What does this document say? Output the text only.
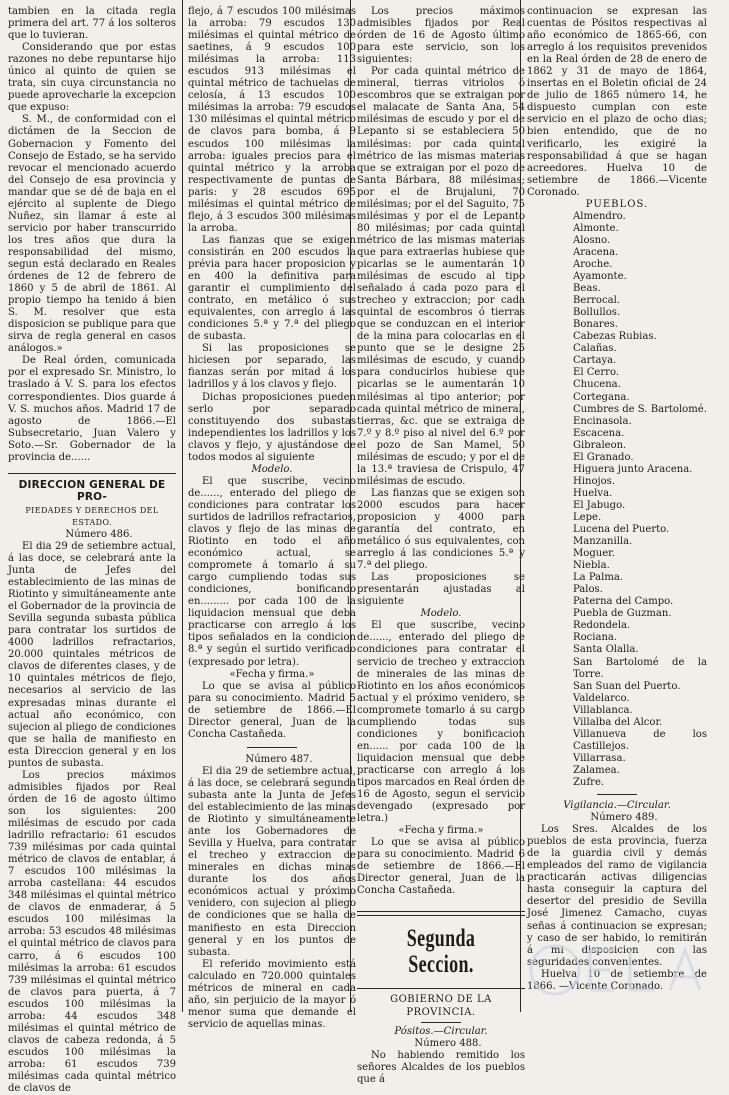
tambien en la citada regla primera del art. 77 á los solteros que lo tuvieran.

Considerando que por estas razones no debe repuntarse hijo único al quinto de quien se trata, sin cuya circunstancia no puede aprovecharle la excepcion que expuso:

S. M., de conformidad con el dictámen de la Seccion de Gobernacion y Fomento del Consejo de Estado, se ha servido revocar el mencionado acuerdo del Consejo de esa provincia y mandar que se dé de baja en el ejército al suplente de Diego Nuñez, sin llamar á este al servicio por haber transcurrido los tres años que dura la responsabilidad del mismo, segun está declarado en Reales órdenes de 12 de febrero de 1860 y 5 de abril de 1861. Al propio tiempo ha tenido á bien S. M. resolver que esta disposicion se publique para que sirva de regla general en casos análogos.»

De Real órden, comunicada por el expresado Sr. Ministro, lo traslado á V. S. para los efectos correspondientes. Dios guarde á V. S. muchos años. Madrid 17 de agosto de 1866.—El Subsecretario, Juan Valero y Soto.—Sr. Gobernador de la provincia de......

DIRECCION GENERAL DE PRO-
PIEDADES Y DERECHOS DEL ESTADO.

Número 486.

El dia 29 de setiembre actual, á las doce, se celebrará ante la Junta de Jefes del establecimiento de las minas de Riotinto y simultáneamente ante el Gobernador de la provincia de Sevilla segunda subasta pública para contratar los surtidos de 4000 ladrillos refractarios, 20.000 quintales métricos de clavos de diferentes clases, y de 10 quintales métricos de flejo, necesarios al servicio de las expresadas minas durante el actual año económico, con sujecion al pliego de condiciones que se halla de manifiesto en esta Direccion general y en los puntos de subasta.

Los precios máximos admisibles fijados por Real órden de 16 de agosto último son los siguientes: 200 milésimas de escudo por cada ladrillo refractario: 61 escudos 739 milésimas por cada quintal métrico de clavos de entablar, á 7 escudos 100 milésimas la arroba castellana: 44 escudos 348 milésimas el quintal métrico de clavos de enmaderar, á 5 escudos 100 milésimas la arroba: 53 escudos 48 milésimas el quintal métrico de clavos para carro, á 6 escudos 100 milésimas la arroba: 61 escudos 739 milésimas el quintal métrico de clavos para puerta, á 7 escudos 100 milésimas la arroba: 44 escudos 348 milésimas el quintal métrico de clavos de cabeza redonda, á 5 escudos 100 milésimas la arroba: 61 escudos 739 milésimas cada quintal métrico de clavos de

flejo, á 7 escudos 100 milésimas la arroba: 79 escudos 130 milésimas el quintal métrico de saetines, á 9 escudos 100 milésimas la arroba: 113 escudos 913 milésimas el quintal métrico de tachuelas de celosía, á 13 escudos 100 milésimas la arroba: 79 escudos 130 milésimas el quintal métrico de clavos para bomba, á 9 escudos 100 milésimas la arroba: iguales precios para el quintal métrico y la arroba respectivamente de puntas de paris: y 28 escudos 695 milésimas el quintal métrico de flejo, á 3 escudos 300 milésimas la arroba.

Las fianzas que se exigen consistirán en 200 escudos la prévia para hacer proposicion y en 400 la definitiva para garantir el cumplimiento del contrato, en metálico ó sus equivalentes, con arreglo á las condiciones 5.ª y 7.ª del pliego de subasta.

Si las proposiciones se hiciesen por separado, las fianzas serán por mitad á los ladrillos y á los clavos y flejo.

Dichas proposiciones pueden serlo por separado constituyendo dos subastas independientes los ladrillos y los clavos y flejo, y ajustándose de todos modos al siguiente

Modelo.

El que suscribe, vecino de......, enterado del pliego de condiciones para contratar los surtidos de ladrillos refractarios, clavos y flejo de las minas de Riotinto en todo el año económico actual, se compromete á tomarlo á su cargo cumpliendo todas sus condiciones, bonificando en......... por cada 100 de la liquidacion mensual que deba practicarse con arreglo á los tipos señalados en la condicion 8.ª y según el surtido verificado (expresado por letra).

«Fecha y firma.»

Lo que se avisa al público para su conocimiento. Madrid 5 de setiembre de 1866.—El Director general, Juan de la Concha Castañeda.

Número 487.

El dia 29 de setiembre actual, á las doce, se celebrará segunda subasta ante la Junta de Jefes del establecimiento de las minas de Riotinto y simultáneamente ante los Gobernadores de Sevilla y Huelva, para contratar el trecheo y extraccion de minerales en dichas minas durante los dos años económicos actual y próximo venidero, con sujecion al pliego de condiciones que se halla de manifiesto en esta Direccion general y en los puntos de subasta.

El referido movimiento está calculado en 720.000 quintales métricos de mineral en cada año, sin perjuicio de la mayor ó menor suma que demande el servicio de aquellas minas.

Los precios máximos admisibles fijados por Real órden de 16 de Agosto último para este servicio, son los siguientes:

Por cada quintal métrico de mineral, tierras vitriolos ó escombros que se extraigan por el malacate de Santa Ana, 54 milésimas de escudo y por el de Lepanto si se estableciera 50 milésimas: por cada quintal métrico de las mismas materias que se extraigan por el pozo de Santa Bárbara, 88 milésimas; por el de Brujaluni, 70 milésimas; por el del Saguito, 75 milésimas y por el de Lepanto 80 milésimas; por cada quintal métrico de las mismas materias que para extraerlas hubiese que picarlas se le aumentarán 10 milésimas de escudo al tipo señalado á cada pozo para el trecheo y extraccion; por cada quintal de escombros ó tierras que se conduzcan en el interior de la mina para colocarlas en el punto que se le designe 25 milésimas de escudo, y cuando para conducirlos hubiese que picarlas se le aumentarán 10 milésimas al tipo anterior; por cada quintal métrico de mineral, tierras, &c. que se extraiga de 7.º y 8.º piso al nivel del 6.º por el pozo de San Mamel, 50 milésimas de escudo; y por el de la 13.ª traviesa de Crispulo, 47 milésimas de escudo.

Las fianzas que se exigen son 2000 escudos para hacer proposicion y 4000 para garantía del contrato, en metálico ó sus equivalentes, con arreglo á las condiciones 5.ª y 7.ª del pliego.

Las proposiciones se presentarán ajustadas al siguiente

Modelo.

El que suscribe, vecino de......, enterado del pliego de condiciones para contratar el servicio de trecheo y extraccion de minerales de las minas de Riotinto en los años económicos actual y el próximo venidero, se compromete tomarlo á su cargo cumpliendo todas sus condiciones y bonificacion en...... por cada 100 de la liquidacion mensual que debe practicarse con arreglo á los tipos marcados en Real órden de 16 de Agosto, segun el servicio devengado (expresado por letra.)

«Fecha y firma.»

Lo que se avisa al público para su conocimiento. Madrid 6 de setiembre de 1866.—El Director general, Juan de la Concha Castañeda.

Segunda Seccion.
GOBIERNO DE LA PROVINCIA.

Pósitos.—Circular.

Número 488.

No habiendo remitido los señores Alcaldes de los pueblos que á

continuacion se expresan las cuentas de Pósitos respectivas al año económico de 1865-66, con arreglo á los requisitos prevenidos en la Real órden de 28 de enero de 1862 y 31 de mayo de 1864, insertas en el Boletin oficial de 24 de julio de 1865 número 14, he dispuesto cumplan con este servicio en el plazo de ocho dias; bien entendido, que de no verificarlo, les exigiré la responsabilidad á que se hagan acreedores. Huelva 10 de setiembre de 1866.—Vicente Coronado.

PUEBLOS.

Almendro.
Almonte.
Alosno.
Aracena.
Aroche.
Ayamonte.
Beas.
Berrocal.
Bollullos.
Bonares.
Cabezas Rubias.
Calañas.
Cartaya.
El Cerro.
Chucena.
Cortegana.
Cumbres de S. Bartolomé.
Encinasola.
Escacena.
Gibraleon.
El Granado.
Higuera junto Aracena.
Hinojos.
Huelva.
El Jabugo.
Lepe.
Lucena del Puerto.
Manzanilla.
Moguer.
Niebla.
La Palma.
Palos.
Paterna del Campo.
Puebla de Guzman.
Redondela.
Rociana.
Santa Olalla.
San Bartolomé de la Torre.
San Suan del Puerto.
Valdelarco.
Villablanca.
Villalba del Alcor.
Villanueva de los Castillejos.
Villarrasa.
Zalamea.
Zufre.

Vigilancia.—Circular.

Número 489.

Los Sres. Alcaldes de los pueblos de esta provincia, fuerza de la guardia civil y demás empleados del ramo de vigilancia practicarán activas diligencias hasta conseguir la captura del desertor del presidio de Sevilla José Jimenez Camacho, cuyas señas á continuacion se expresan; y caso de ser habido, lo remitirán á mi disposicion con las seguridades convenientes.

Huelva 10 de setiembre de 1866. —Vicente Coronado.
